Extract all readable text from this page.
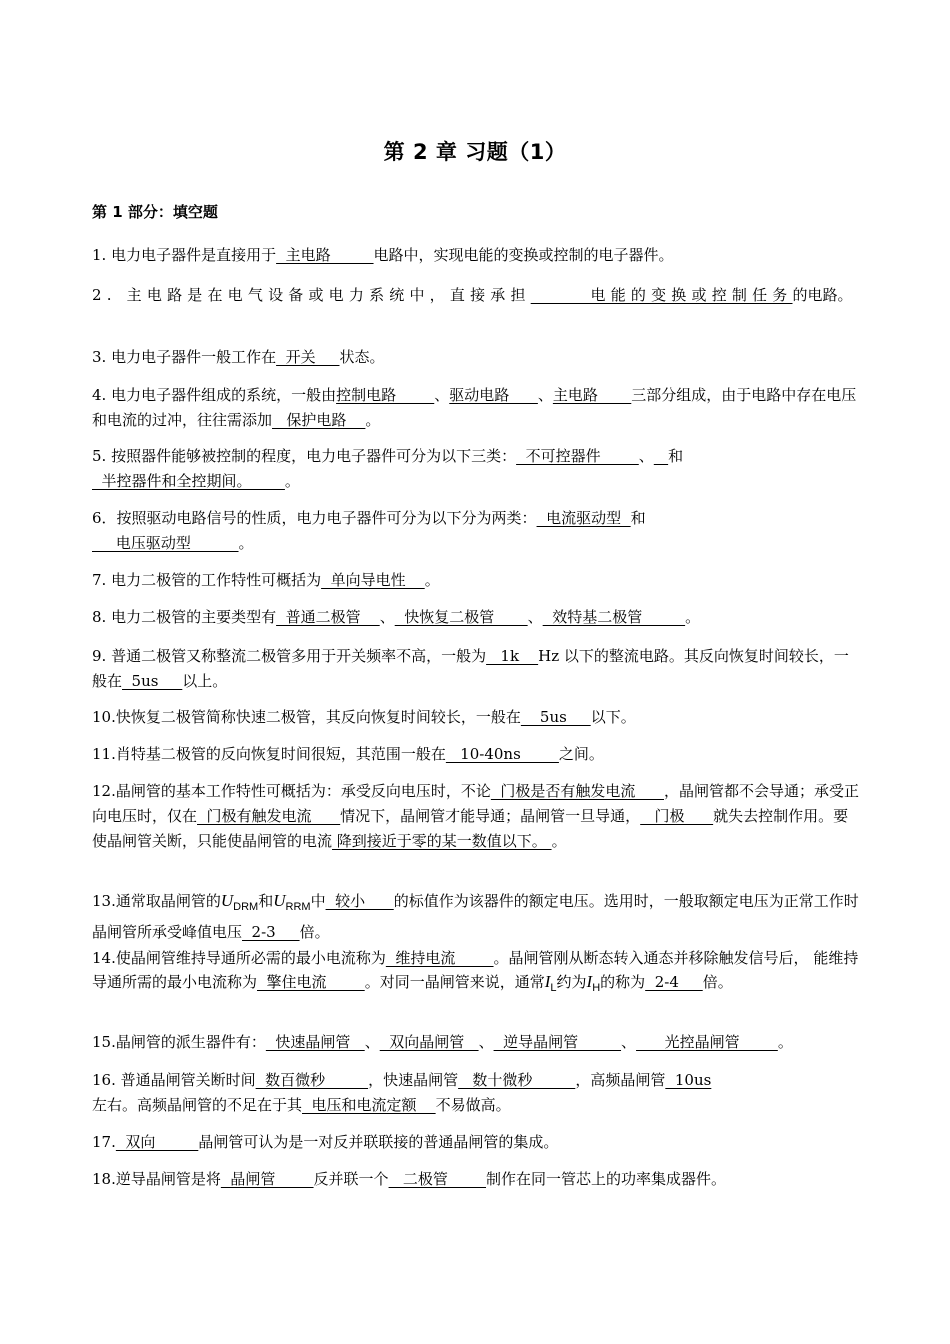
第 2 章 习题（1）
第 1 部分：填空题
1. 电力电子器件是直接用于  主电路         电路中，实现电能的变换或控制的电子器件。
2. 主电路是在电气设备或电力系统中，直接承担      电能的变换或控制任务的电路。
3. 电力电子器件一般工作在  开关     状态。
4. 电力电子器件组成的系统，一般由控制电路        、驱动电路      、主电路       三部分组成，由于电路中存在电压和电流的过冲，往往需添加   保护电路    。
5. 按照器件能够被控制的程度，电力电子器件可分为以下三类：  不可控器件        、 和
半控器件和全控期间。       。
6．按照驱动电路信号的性质，电力电子器件可分为以下分为两类：  电流驱动型  和
电压驱动型          。
7. 电力二极管的工作特性可概括为  单向导电性    。
8. 电力二极管的主要类型有  普通二极管    、  快恢复二极管       、  效特基二极管         。
9. 普通二极管又称整流二极管多用于开关频率不高，一般为   1k    Hz 以下的整流电路。其反向恢复时间较长，一般在  5us     以上。
10.快恢复二极管简称快速二极管，其反向恢复时间较长，一般在    5us     以下。
11.肖特基二极管的反向恢复时间很短，其范围一般在   10-40ns        之间。
12.晶闸管的基本工作特性可概括为：承受反向电压时，不论  门极是否有触发电流      ，晶闸管都不会导通；承受正向电压时，仅在  门极有触发电流      情况下，晶闸管才能导通；晶闸管一旦导通，   门极      就失去控制作用。要使晶闸管关断，只能使晶闸管的电流 降到接近于零的某一数值以下。 。
13.通常取晶闸管的$U_{DRM}$和$U_{RRM}$中  较小      的标值作为该器件的额定电压。选用时，一般取额定电压为正常工作时晶闸管所承受峰值电压  2-3     倍。
14.使晶闸管维持导通所必需的最小电流称为  维持电流        。晶闸管刚从断态转入通态并移除触发信号后， 能维持导通所需的最小电流称为  擎住电流        。对同一晶闸管来说，通常$I_L$约为$I_H$的称为  2-4     倍。
15.晶闸管的派生器件有：  快速晶闸管   、  双向晶闸管   、  逆导晶闸管         、      光控晶闸管        。
16. 普通晶闸管关断时间  数百微秒         ，快速晶闸管   数十微秒         ，高频晶闸管  10us
左右。高频晶闸管的不足在于其  电压和电流定额    不易做高。
17.  双向         晶闸管可认为是一对反并联联接的普通晶闸管的集成。
18.逆导晶闸管是将  晶闸管        反并联一个   二极管        制作在同一管芯上的功率集成器件。
